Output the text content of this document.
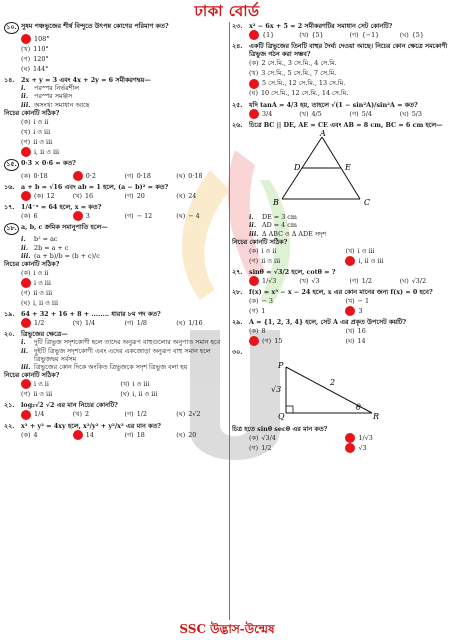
ঢাকা বোর্ড
১০. সুষম পঞ্চভুজের শীর্ষ বিন্দুতে উৎপন্ন কোণের পরিমাণ কত?
108°
(খ) 110°
(গ) 120°
(ঘ) 144°
১৪.	2x + y = 3 এবং 4x + 2y = 6 সমীকরণদ্বয়—
i.	পরস্পর নির্ভরশীল
ii. পরস্পর সমঞ্জস
iii. অসংখ্য সমাধান আছে
নিচের কোনটি সঠিক?
(ক) i ও ii
(খ) i ও iii
(গ) ii ও iii
i, ii ও iii
১৫. 0·3̇ × 0·6̇ = কত?
(ক) 0·1̇8	0·2̇	(গ) 0·18̇	(ঘ) 0·1̇8̇
১৬.	a + b = √16 এবং ab = 1 হলে, (a − b)² = কত?
(ক) 12	(খ) 16	(গ) 20	(ঘ) 24
১৭.	1/4⁻ˣ = 64 হলে, x = কত?
(ক) 6	3	(গ) − 12	(ঘ) − 4
১৮. a, b, c ক্রমিক সমানুপাতি হলে—
i.	b² = ac
ii. 2b = a + c
iii. (a + b)/b = (b + c)/c
নিচের কোনটি সঠিক?
(ক) i ও ii
i ও iii
(গ) ii ও iii
(ঘ) i, ii ও iii
১৯.	64 + 32 + 16 + 8 + ........ ধারার ৮ম পদ কত?
1/2	(খ) 1/4	(গ) 1/8	(ঘ) 1/16
২০.	ত্রিভুজের ক্ষেত্রে—
i.	দুটি ত্রিভুজ সদৃশকোণী হলে তাদের অনুরূপ বাহুগুলোর অনুপাত সমান হবে
ii. দুইটি ত্রিভুজ সদৃশকোণী এবং এদের একজোড়া অনুরূপ বাহু সমান হলে ত্রিভুজদ্বয় সর্বসম
iii. ত্রিভুজের কোন দিকে অংকিত ত্রিভুজকে সদৃশ ত্রিভুজ বলা হয়
নিচের কোনটি সঠিক?
i ও ii	(খ) i ও iii
(গ) ii ও iii	(ঘ) i, ii ও iii
২১.	log₂√2 √2 এর মান নিচের কোনটি?
1/4	(খ) 2	(গ) 1/2	(ঘ) 2√2
২২.	x² + y² = 4xy হলে, x²/y² + y²/x² এর মান কত?
(ক) 4	14	(গ) 18	(ঘ) 20
২৩.	x² − 6x + 5 = 2 সমীকরণটির সমাধান সেট কোনটি?
{1}	(খ) {5}	(গ) {−1}	(ঘ) {5}
২৪.	একটি ত্রিভুজের তিনটি বাহুর দৈর্ঘ্য দেওয়া আছে। নিচের কোন ক্ষেত্রে সমকোণী ত্রিভুজ গঠন করা সম্ভব?
(ক) 2 সে.মি., 3 সে.মি., 4 সে.মি.
(খ) 3 সে.মি., 5 সে.মি., 7 সে.মি.
5 সে.মি., 12 সে.মি., 13 সে.মি.
(ঘ) 10 সে.মি., 12 সে.মি., 14 সে.মি.
২৫.	যদি tanA = 4/3 হয়, তাহলে √(1 − sin²A)/sin²A = কত?
3/4	(খ) 4/5	(গ) 5/4	(ঘ) 5/3
২৬.	চিত্রে BC || DE, AE = CE এবং AB = 8 cm, BC = 6 cm হলে—
A
B	C
D	E
i.	DE = 3 cm
ii. AD = 4 cm
iii. Δ ABC ও Δ ADE সদৃশ
নিচের কোনটি সঠিক?
(ক) i ও ii	(খ) i ও iii
(গ) ii ও iii	i, ii ও iii
২৭.	sinθ = √3/2 হলে, cotθ = ?
1/√3	(খ) √3	(গ) 1/2	(ঘ) √3/2
২৮.	f(x) = x³ − x − 24 হলে, x এর কোন মানের জন্য f(x) = 0 হবে?
(ক) − 3	(খ) − 1
(গ) 1	3
২৯.	A = {1, 2, 3, 4} হলে, সেট A এর প্রকৃত উপসেট কয়টি?
(ক) 8	(খ) 16
(গ) 15	(ঘ) 14
৩০.
P
Q	R
θ
√3
2
চিত্র হতে sinθ secθ এর মান কত?
(ক) √3/4	1/√3
(গ) 1/2	√3
SSC উদ্ভাস-উন্মেষ
